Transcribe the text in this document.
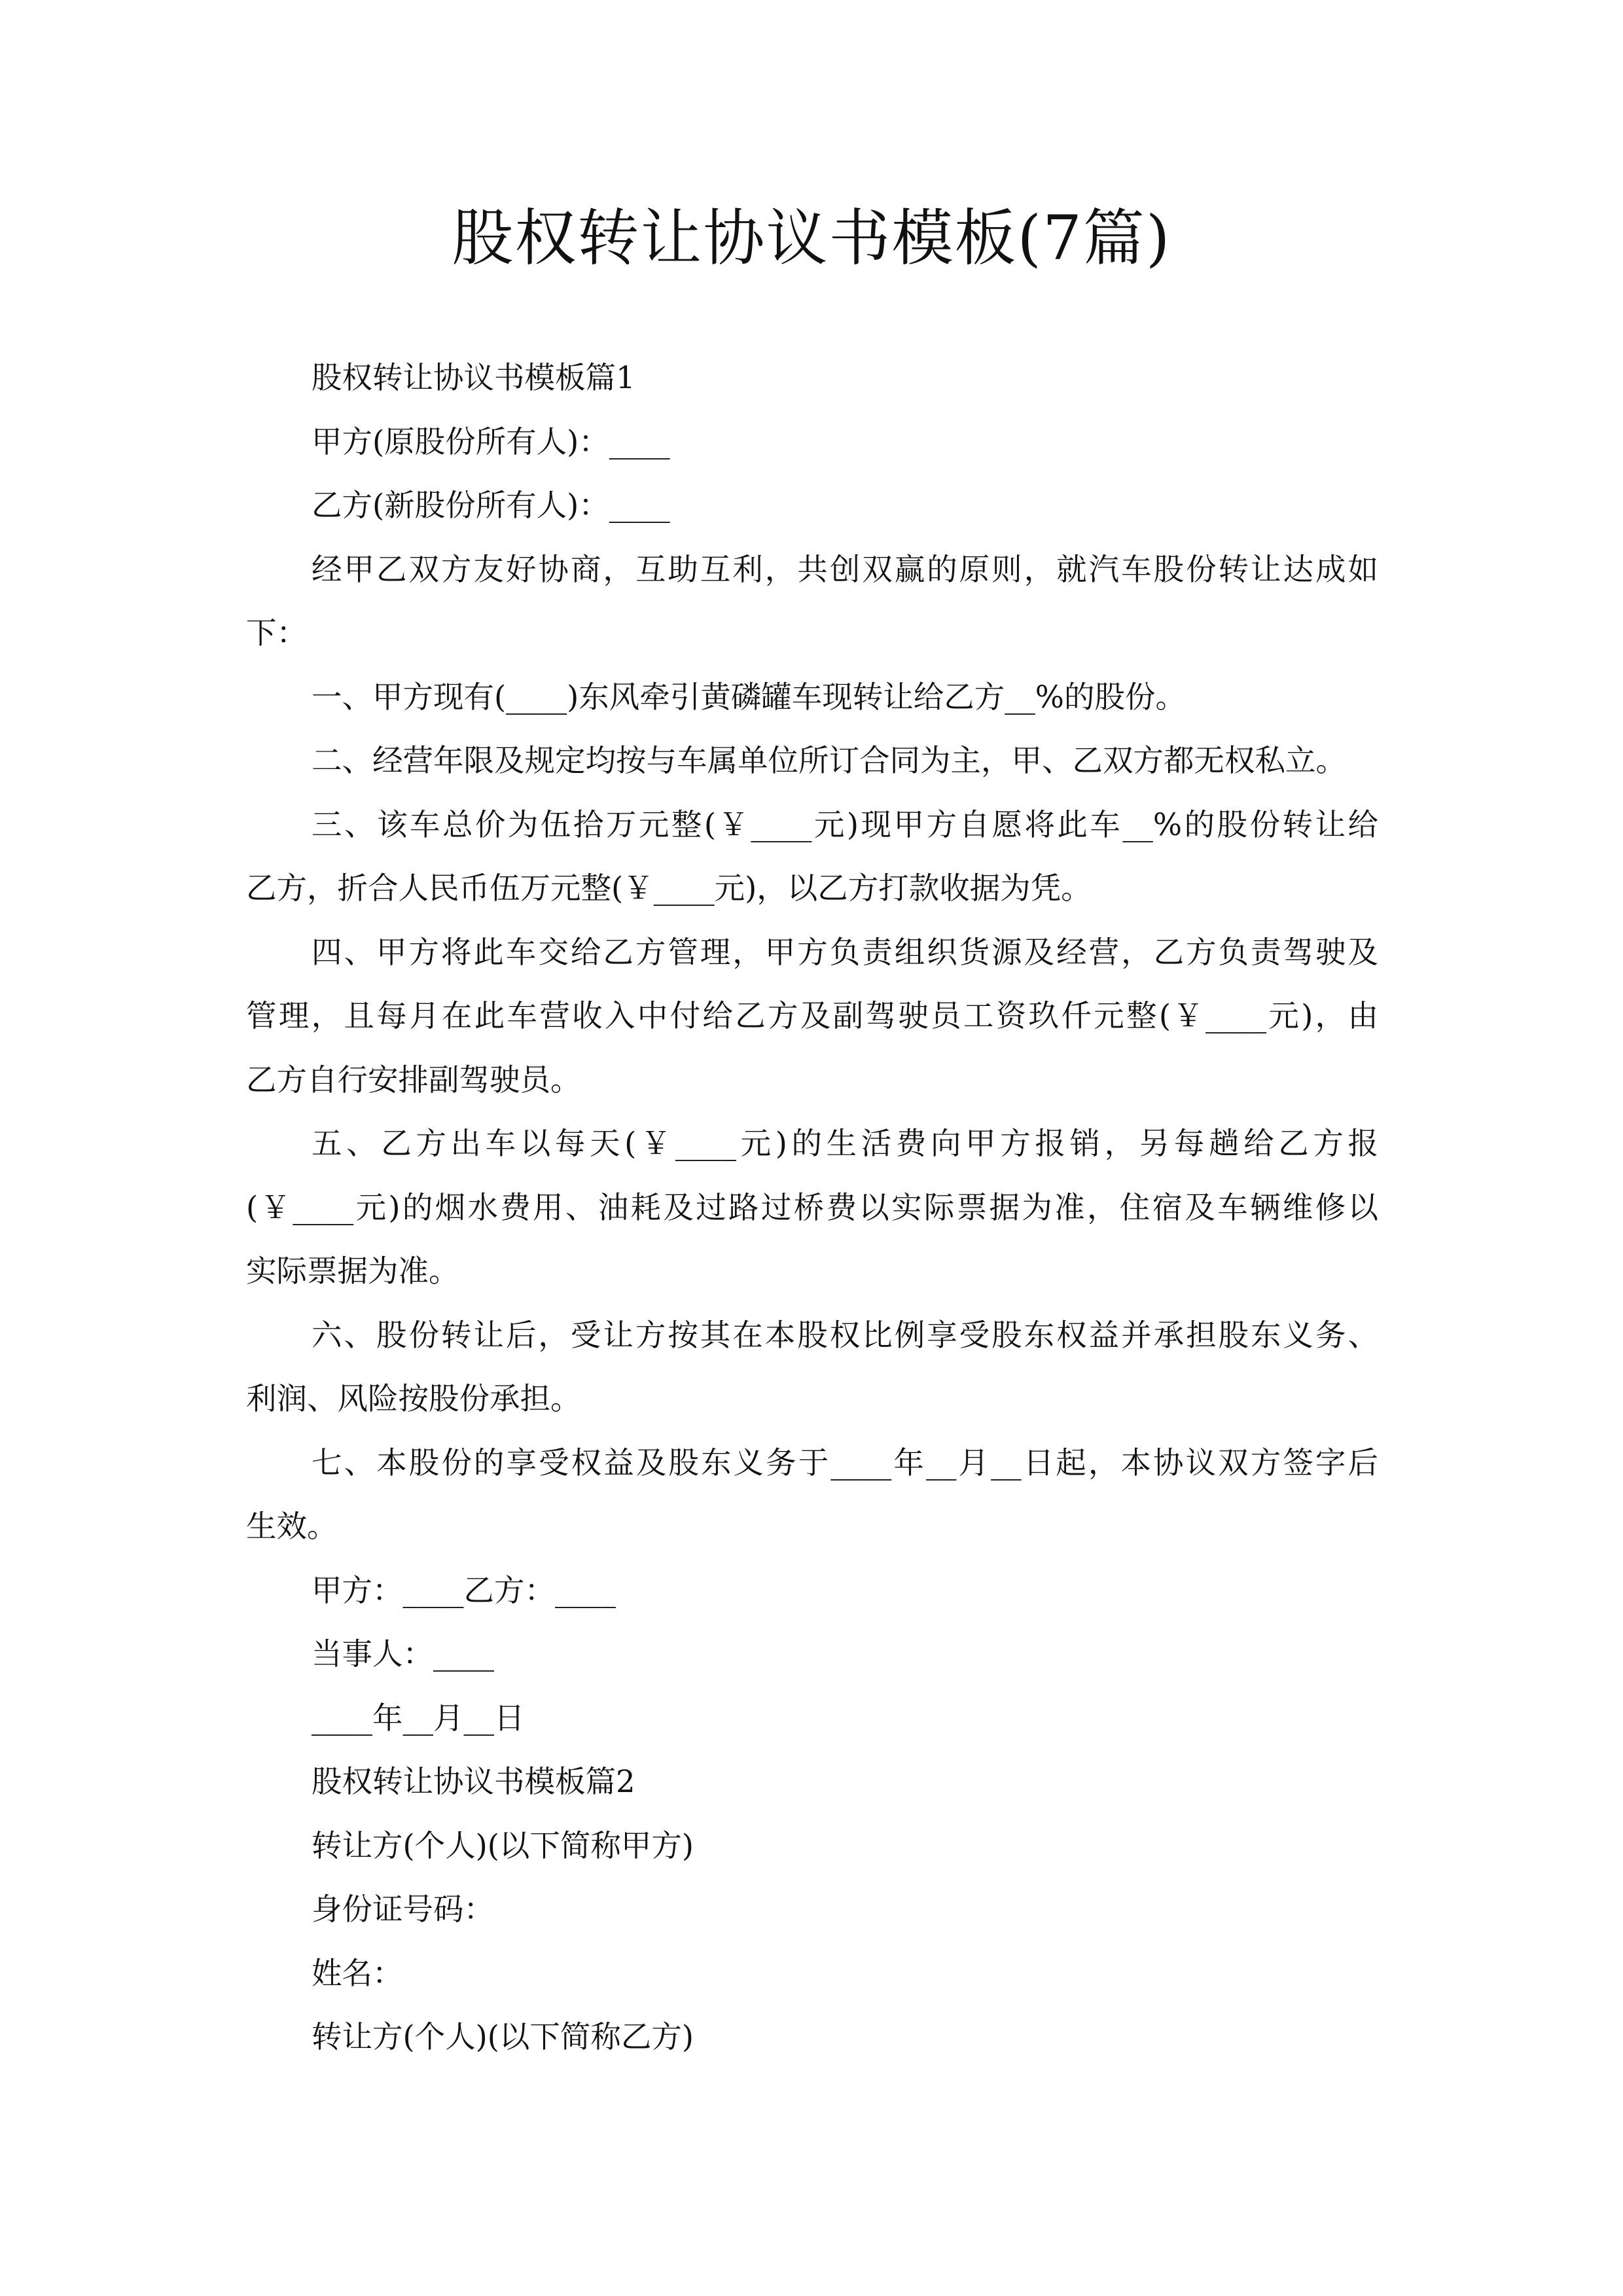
股权转让协议书模板(7篇)
股权转让协议书模板篇1
甲方(原股份所有人)：____
乙方(新股份所有人)：____
经甲乙双方友好协商，互助互利，共创双赢的原则，就汽车股份转让达成如
下：
一、甲方现有(____)东风牵引黄磷罐车现转让给乙方__%的股份。
二、经营年限及规定均按与车属单位所订合同为主，甲、乙双方都无权私立。
三、该车总价为伍拾万元整(￥____元)现甲方自愿将此车__%的股份转让给
乙方，折合人民币伍万元整(￥____元)，以乙方打款收据为凭。
四、甲方将此车交给乙方管理，甲方负责组织货源及经营，乙方负责驾驶及
管理，且每月在此车营收入中付给乙方及副驾驶员工资玖仟元整(￥____元)，由
乙方自行安排副驾驶员。
五、乙方出车以每天(￥____元)的生活费向甲方报销，另每趟给乙方报
(￥____元)的烟水费用、油耗及过路过桥费以实际票据为准，住宿及车辆维修以
实际票据为准。
六、股份转让后，受让方按其在本股权比例享受股东权益并承担股东义务、
利润、风险按股份承担。
七、本股份的享受权益及股东义务于____年__月__日起，本协议双方签字后
生效。
甲方：____乙方：____
当事人：____
____年__月__日
股权转让协议书模板篇2
转让方(个人)(以下简称甲方)
身份证号码：
姓名：
转让方(个人)(以下简称乙方)
